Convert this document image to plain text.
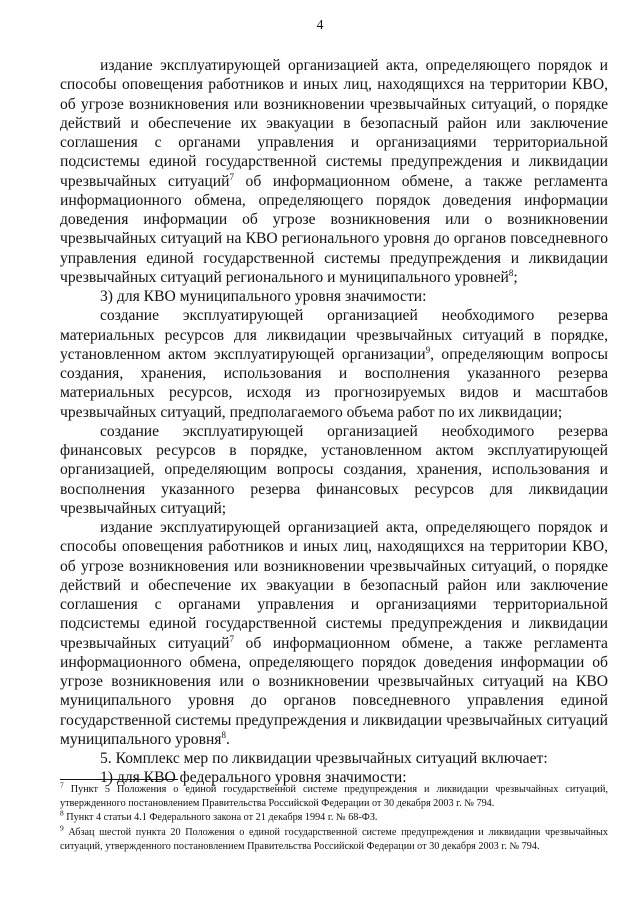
4

издание эксплуатирующей организацией акта, определяющего порядок и способы оповещения работников и иных лиц, находящихся на территории КВО, об угрозе возникновения или возникновении чрезвычайных ситуаций, о порядке действий и обеспечение их эвакуации в безопасный район или заключение соглашения с органами управления и организациями территориальной подсистемы единой государственной системы предупреждения и ликвидации чрезвычайных ситуаций$^7$ об информационном обмене, а также регламента информационного обмена, определяющего порядок доведения информации доведения информации об угрозе возникновения или о возникновении чрезвычайных ситуаций на КВО регионального уровня до органов повседневного управления единой государственной системы предупреждения и ликвидации чрезвычайных ситуаций регионального и муниципального уровней$^8$;

3) для КВО муниципального уровня значимости:

создание эксплуатирующей организацией необходимого резерва материальных ресурсов для ликвидации чрезвычайных ситуаций в порядке, установленном актом эксплуатирующей организации$^9$, определяющим вопросы создания, хранения, использования и восполнения указанного резерва материальных ресурсов, исходя из прогнозируемых видов и масштабов чрезвычайных ситуаций, предполагаемого объема работ по их ликвидации;

создание эксплуатирующей организацией необходимого резерва финансовых ресурсов в порядке, установленном актом эксплуатирующей организацией, определяющим вопросы создания, хранения, использования и восполнения указанного резерва финансовых ресурсов для ликвидации чрезвычайных ситуаций;

издание эксплуатирующей организацией акта, определяющего порядок и способы оповещения работников и иных лиц, находящихся на территории КВО, об угрозе возникновения или возникновении чрезвычайных ситуаций, о порядке действий и обеспечение их эвакуации в безопасный район или заключение соглашения с органами управления и организациями территориальной подсистемы единой государственной системы предупреждения и ликвидации чрезвычайных ситуаций$^7$ об информационном обмене, а также регламента информационного обмена, определяющего порядок доведения информации об угрозе возникновения или о возникновении чрезвычайных ситуаций на КВО муниципального уровня до органов повседневного управления единой государственной системы предупреждения и ликвидации чрезвычайных ситуаций муниципального уровня$^8$.

5. Комплекс мер по ликвидации чрезвычайных ситуаций включает:

1) для КВО федерального уровня значимости:

$^7$ Пункт 5 Положения о единой государственной системе предупреждения и ликвидации чрезвычайных ситуаций, утвержденного постановлением Правительства Российской Федерации от 30 декабря 2003 г. № 794.

$^8$ Пункт 4 статьи 4.1 Федерального закона от 21 декабря 1994 г. № 68-ФЗ.

$^9$ Абзац шестой пункта 20 Положения о единой государственной системе предупреждения и ликвидации чрезвычайных ситуаций, утвержденного постановлением Правительства Российской Федерации от 30 декабря 2003 г. № 794.
